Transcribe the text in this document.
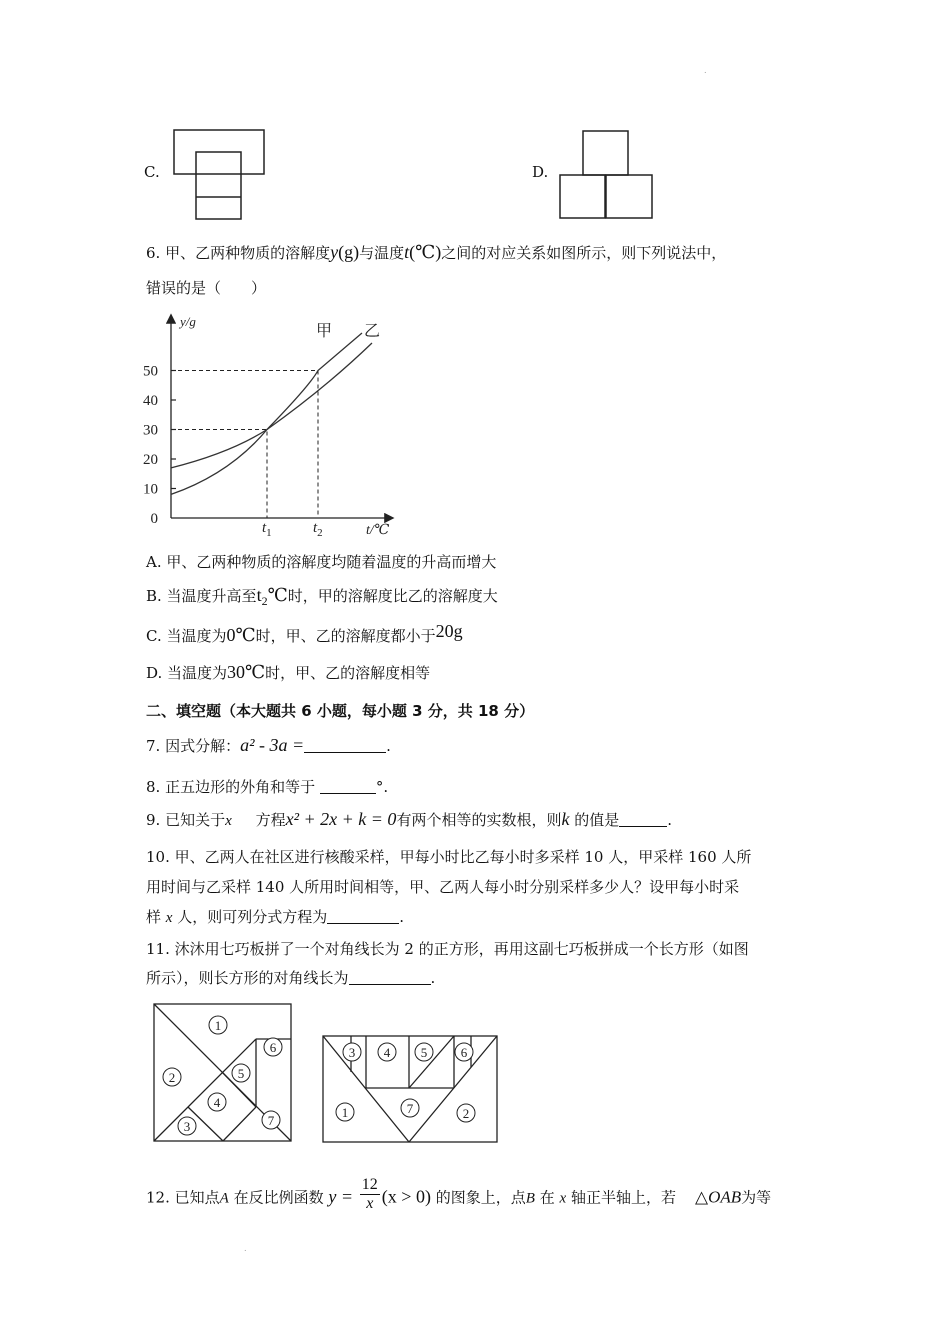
.
.
C.	D.
6. 甲、乙两种物质的溶解度y(g)与温度t(℃)之间的对应关系如图所示，则下列说法中，
错误的是（　　）
50
40
30
20
10
0
$t_1$	$t_2$
甲 乙
y/g
t/℃
A. 甲、乙两种物质的溶解度均随着温度的升高而增大
B. 当温度升高至$t_2℃$时，甲的溶解度比乙的溶解度大
C. 当温度为0℃时，甲、乙的溶解度都小于20g
D. 当温度为30℃时，甲、乙的溶解度相等
二、填空题（本大题共 6 小题，每小题 3 分，共 18 分）
7. 因式分解：a² - 3a =	.
8. 正五边形的外角和等于	°.
9. 已知关于x 方程x² + 2x + k = 0有两个相等的实数根，则k 的值是	.
10. 甲、乙两人在社区进行核酸采样，甲每小时比乙每小时多采样 10 人，甲采样 160 人所
用时间与乙采样 140 人所用时间相等，甲、乙两人每小时分别采样多少人？设甲每小时采
样 x 人，则可列分式方程为	.
11. 沐沐用七巧板拼了一个对角线长为 2 的正方形，再用这副七巧板拼成一个长方形（如图
所示），则长方形的对角线长为	.
1
2
3
4
5
6
7
3 4 5	6
1	7	2
12. 已知点A 在反比例函数 $y = \frac{12}{x} (x > 0)$ 的图象上，点B 在 x 轴正半轴上，若 △OAB为等
